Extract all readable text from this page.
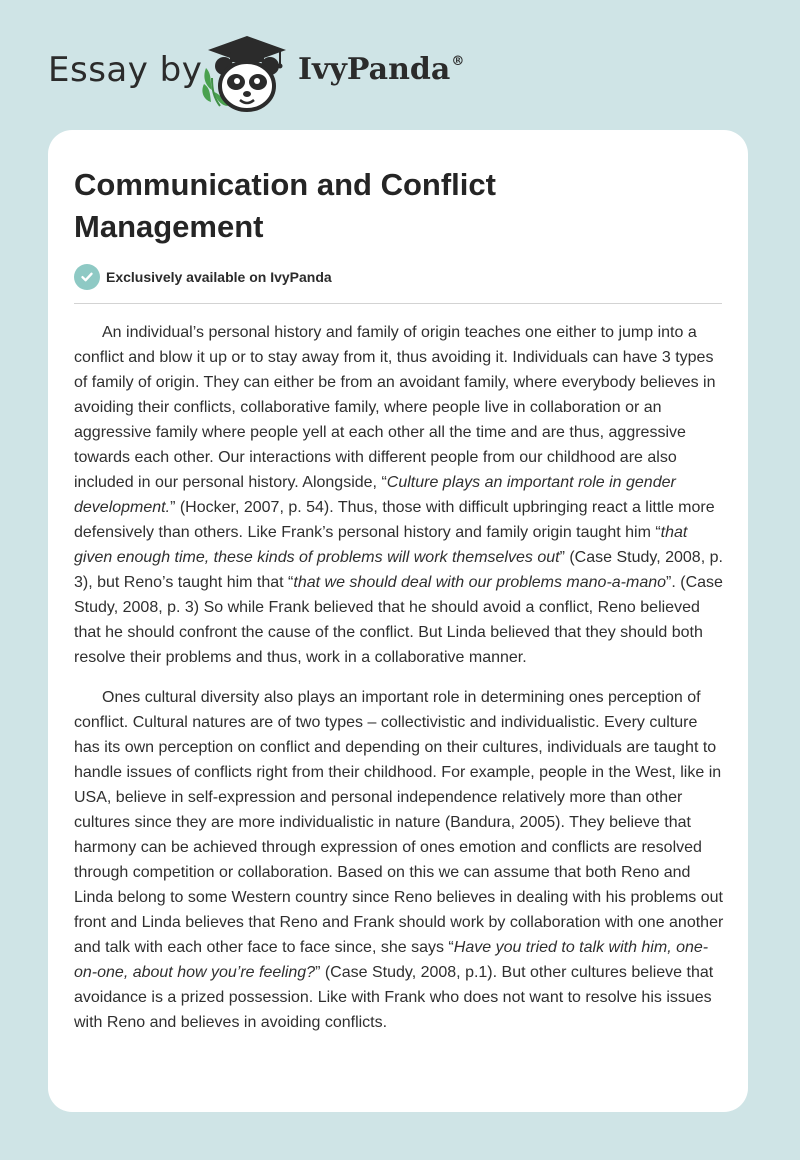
Essay by	IvyPanda®
Communication and Conflict Management
Exclusively available on IvyPanda

An individual’s personal history and family of origin teaches one either to jump into a conflict and blow it up or to stay away from it, thus avoiding it. Individuals can have 3 types of family of origin. They can either be from an avoidant family, where everybody believes in avoiding their conflicts, collaborative family, where people live in collaboration or an aggressive family where people yell at each other all the time and are thus, aggressive towards each other. Our interactions with different people from our childhood are also included in our personal history. Alongside, “Culture plays an important role in gender development.” (Hocker, 2007, p. 54). Thus, those with difficult upbringing react a little more defensively than others. Like Frank’s personal history and family origin taught him “that given enough time, these kinds of problems will work themselves out” (Case Study, 2008, p. 3), but Reno’s taught him that “that we should deal with our problems mano-a-mano”. (Case Study, 2008, p. 3) So while Frank believed that he should avoid a conflict, Reno believed that he should confront the cause of the conflict. But Linda believed that they should both resolve their problems and thus, work in a collaborative manner.

Ones cultural diversity also plays an important role in determining ones perception of conflict. Cultural natures are of two types – collectivistic and individualistic. Every culture has its own perception on conflict and depending on their cultures, individuals are taught to handle issues of conflicts right from their childhood. For example, people in the West, like in USA, believe in self-expression and personal independence relatively more than other cultures since they are more individualistic in nature (Bandura, 2005). They believe that harmony can be achieved through expression of ones emotion and conflicts are resolved through competition or collaboration. Based on this we can assume that both Reno and Linda belong to some Western country since Reno believes in dealing with his problems out front and Linda believes that Reno and Frank should work by collaboration with one another and talk with each other face to face since, she says “Have you tried to talk with him, one-on-one, about how you’re feeling?” (Case Study, 2008, p.1). But other cultures believe that avoidance is a prized possession. Like with Frank who does not want to resolve his issues with Reno and believes in avoiding conflicts.
